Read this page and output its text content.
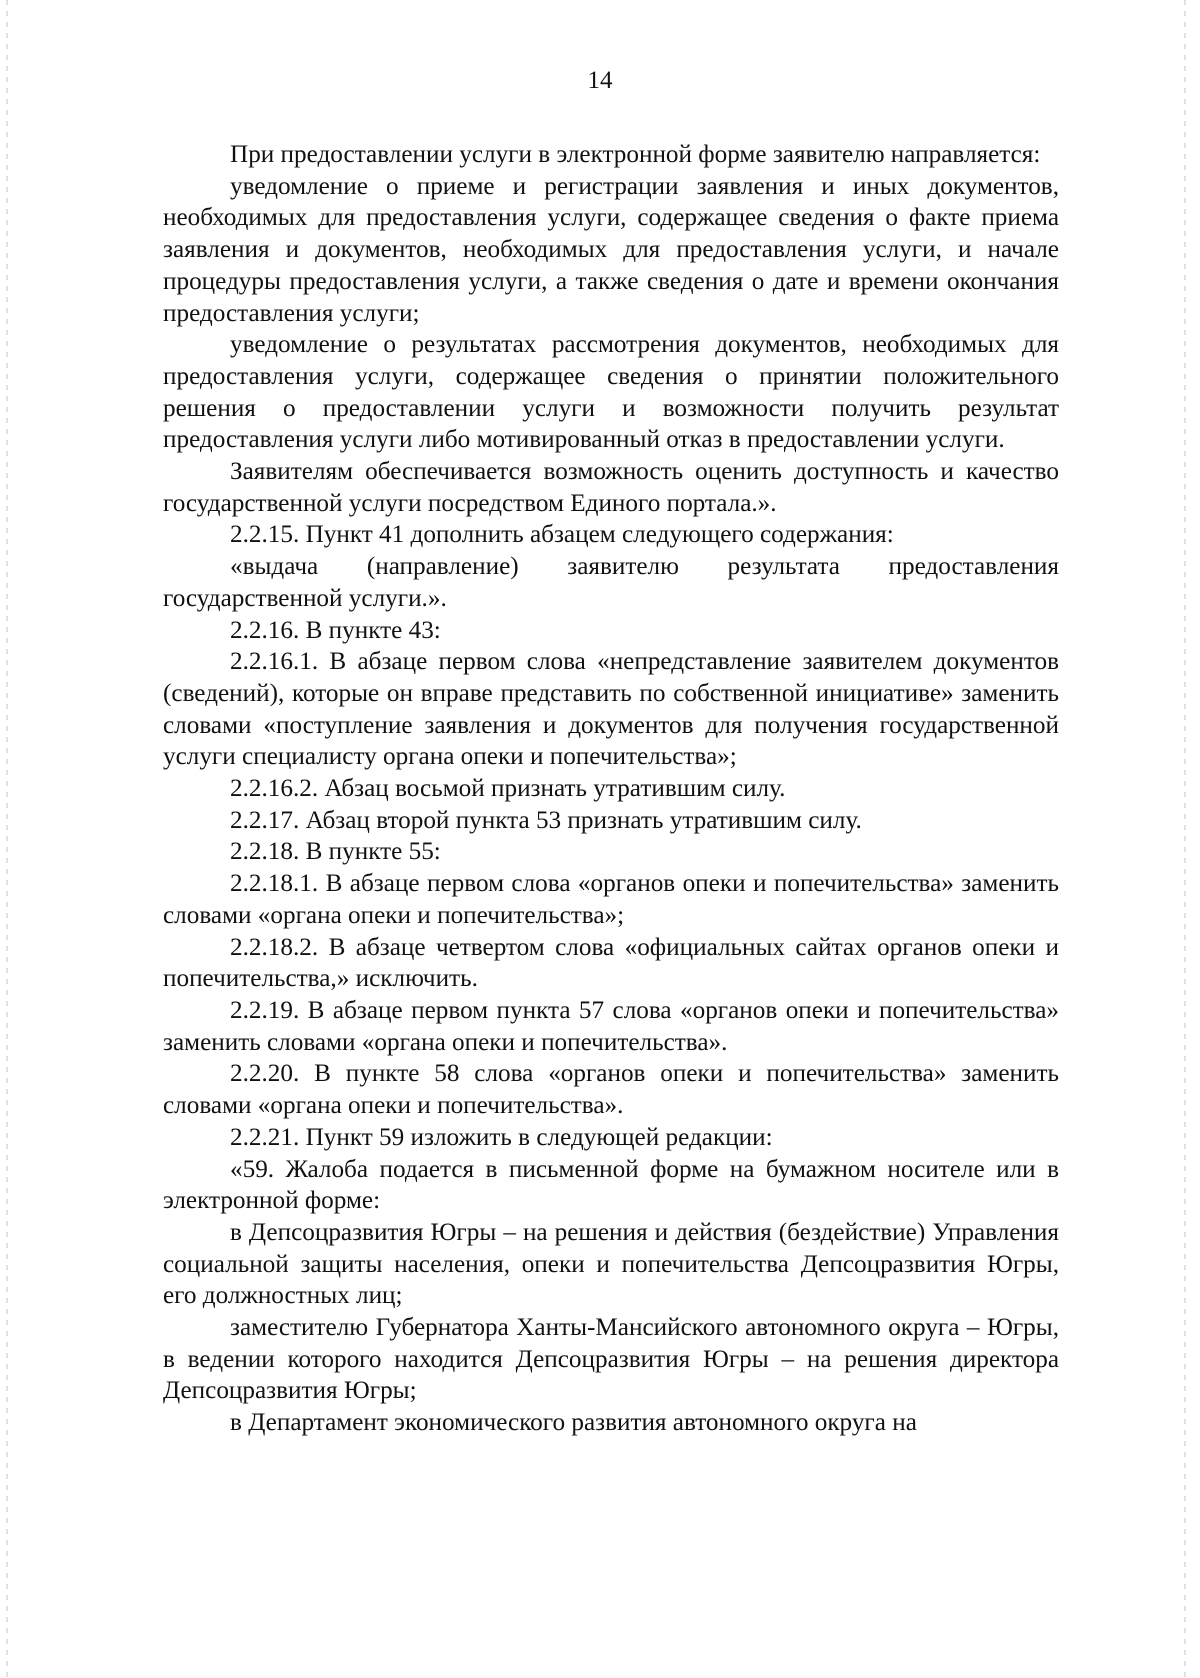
14

При предоставлении услуги в электронной форме заявителю направляется:

уведомление о приеме и регистрации заявления и иных документов, необходимых для предоставления услуги, содержащее сведения о факте приема заявления и документов, необходимых для предоставления услуги, и начале процедуры предоставления услуги, а также сведения о дате и времени окончания предоставления услуги;

уведомление о результатах рассмотрения документов, необходимых для предоставления услуги, содержащее сведения о принятии положительного решения о предоставлении услуги и возможности получить результат предоставления услуги либо мотивированный отказ в предоставлении услуги.

Заявителям обеспечивается возможность оценить доступность и качество государственной услуги посредством Единого портала.».

2.2.15. Пункт 41 дополнить абзацем следующего содержания:

«выдача (направление) заявителю результата предоставления государственной услуги.».

2.2.16. В пункте 43:

2.2.16.1. В абзаце первом слова «непредставление заявителем документов (сведений), которые он вправе представить по собственной инициативе» заменить словами «поступление заявления и документов для получения государственной услуги специалисту органа опеки и попечительства»;

2.2.16.2. Абзац восьмой признать утратившим силу.

2.2.17. Абзац второй пункта 53 признать утратившим силу.

2.2.18. В пункте 55:

2.2.18.1. В абзаце первом слова «органов опеки и попечительства» заменить словами «органа опеки и попечительства»;

2.2.18.2. В абзаце четвертом слова «официальных сайтах органов опеки и попечительства,» исключить.

2.2.19. В абзаце первом пункта 57 слова «органов опеки и попечительства» заменить словами «органа опеки и попечительства».

2.2.20. В пункте 58 слова «органов опеки и попечительства» заменить словами «органа опеки и попечительства».

2.2.21. Пункт 59 изложить в следующей редакции:

«59. Жалоба подается в письменной форме на бумажном носителе или в электронной форме:

в Депсоцразвития Югры – на решения и действия (бездействие) Управления социальной защиты населения, опеки и попечительства Депсоцразвития Югры, его должностных лиц;

заместителю Губернатора Ханты-Мансийского автономного округа – Югры, в ведении которого находится Депсоцразвития Югры – на решения директора Депсоцразвития Югры;

в Департамент экономического развития автономного округа на
